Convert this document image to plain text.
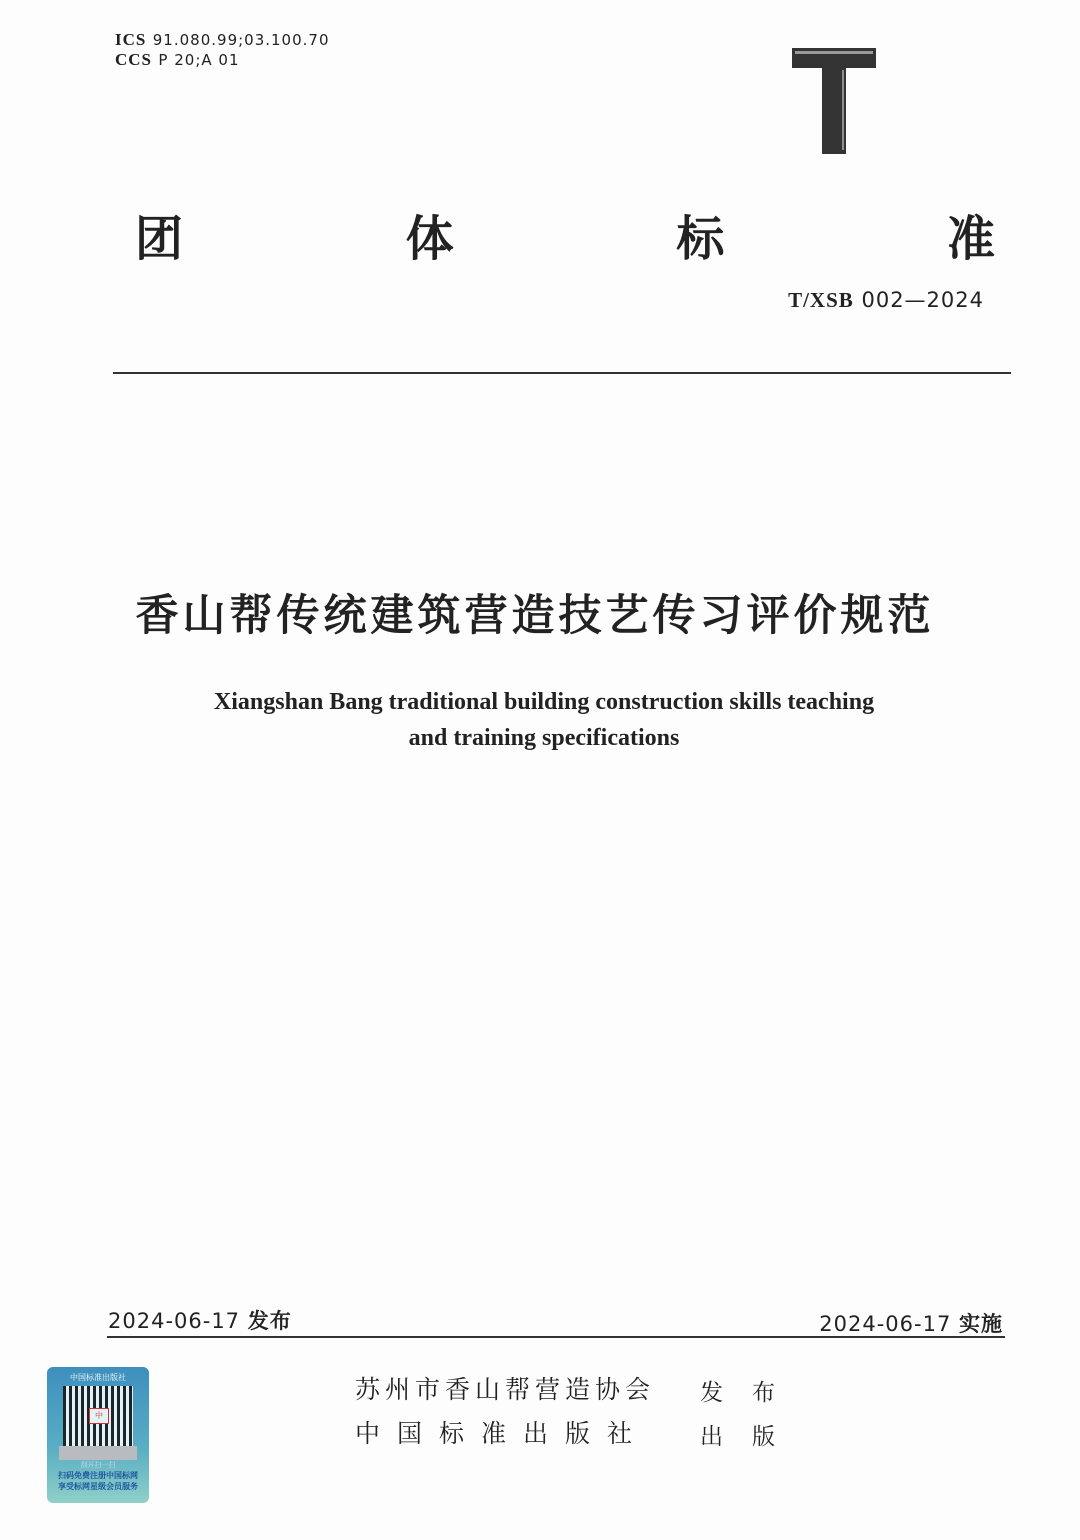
ICS 91.080.99;03.100.70
CCS P 20;A 01
团	体	标	准
T/XSB 002—2024
香山帮传统建筑营造技艺传习评价规范
Xiangshan Bang traditional building construction skills teaching
and training specifications
2024-06-17 发布	2024-06-17 实施
苏州市香山帮营造协会 发 布
中国标准出版社 出 版
中国标准出版社
中
刮开扫一扫
扫码免费注册中国标网
享受标网星级会员服务
